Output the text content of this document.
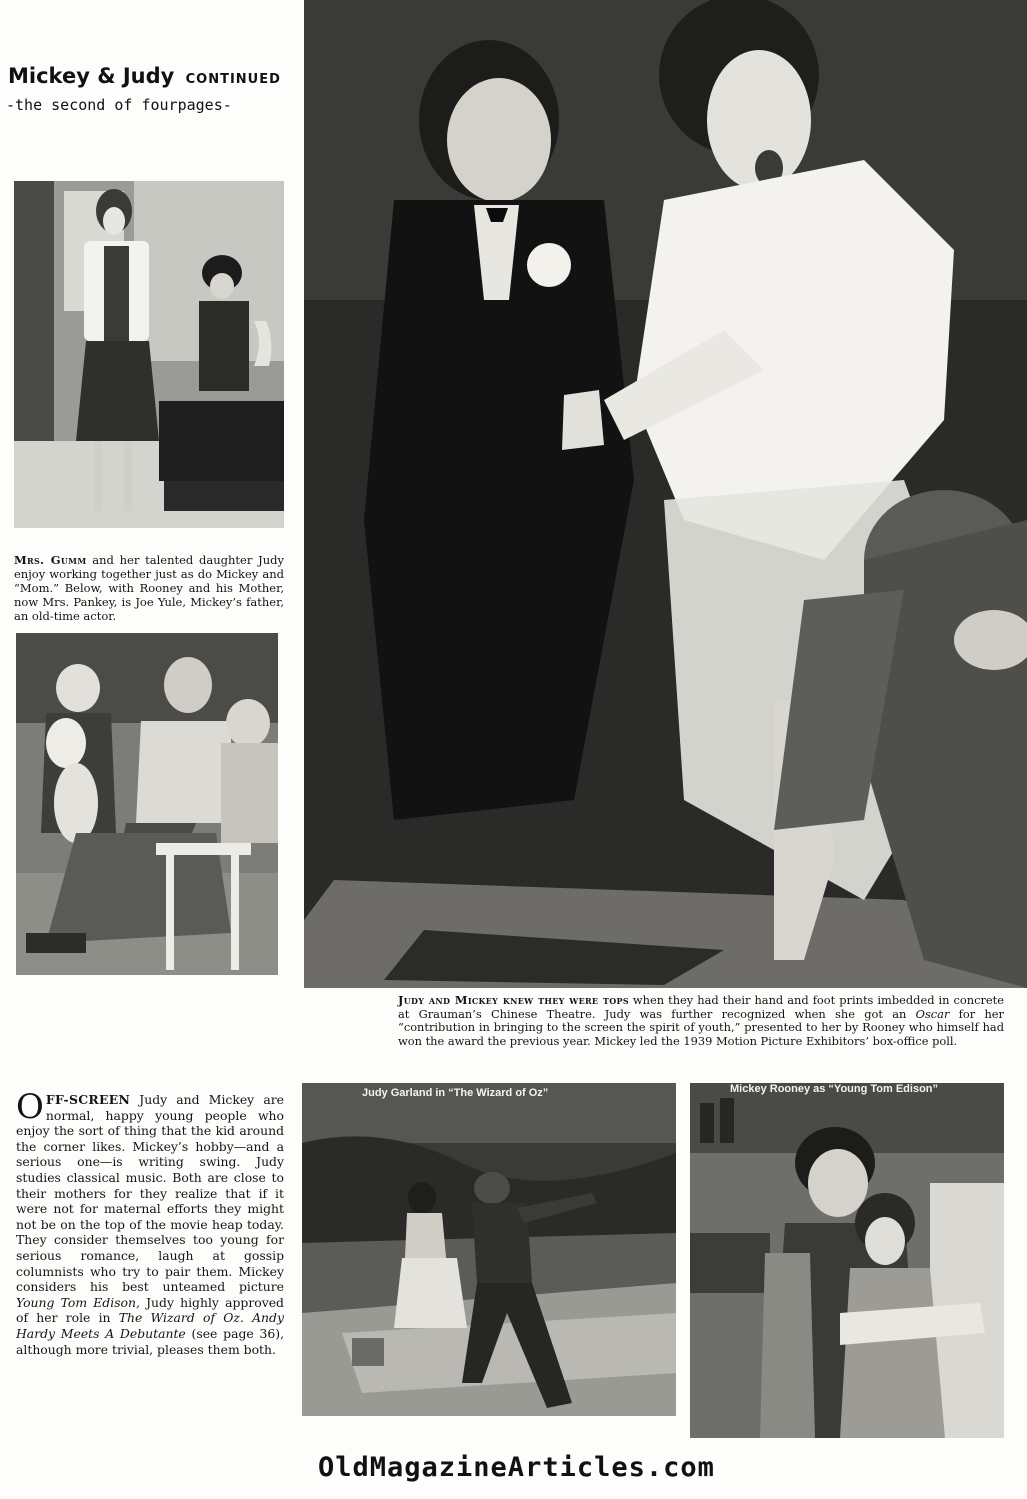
Mickey & Judy CONTINUED
-the second of fourpages-
Mrs. Gumm and her talented daughter Judy enjoy working together just as do Mickey and “Mom.” Below, with Rooney and his Mother, now Mrs. Pankey, is Joe Yule, Mickey’s father, an old-time actor.
Judy and Mickey knew they were tops when they had their hand and foot prints imbedded in concrete at Grauman’s Chinese Theatre. Judy was further recognized when she got an Oscar for her “contribution in bringing to the screen the spirit of youth,” presented to her by Rooney who himself had won the award the previous year. Mickey led the 1939 Motion Picture Exhibitors’ box-office poll.
OFF-SCREEN Judy and Mickey are normal, happy young people who enjoy the sort of thing that the kid around the corner likes. Mickey’s hobby—and a serious one—is writing swing. Judy studies classical music. Both are close to their mothers for they realize that if it were not for maternal efforts they might not be on the top of the movie heap today. They consider themselves too young for serious romance, laugh at gossip columnists who try to pair them. Mickey considers his best unteamed picture Young Tom Edison, Judy highly approved of her role in The Wizard of Oz. Andy Hardy Meets A Debutante (see page 36), although more trivial, pleases them both.
Judy Garland in “The Wizard of Oz”	Mickey Rooney as “Young Tom Edison”
OldMagazineArticles.com
